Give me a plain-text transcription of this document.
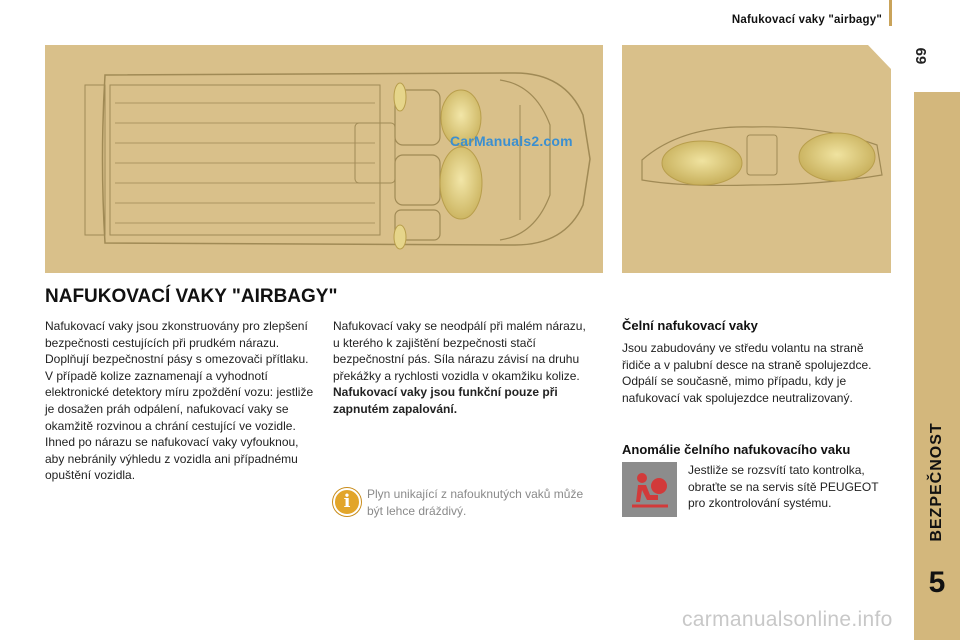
Nafukovací vaky "airbagy"
69
BEZPEČNOST
5
CarManuals2.com
NAFUKOVACÍ VAKY "AIRBAGY"

Nafukovací vaky jsou zkonstruovány pro zlepšení bezpečnosti cestujících při prudkém nárazu. Doplňují bezpečnostní pásy s omezovači přítlaku.

V případě kolize zaznamenají a vyhodnotí elektronické detektory míru zpoždění vozu: jestliže je dosažen práh odpálení, nafukovací vaky se okamžitě rozvinou a chrání cestující ve vozidle. Ihned po nárazu se nafukovací vaky vyfouknou, aby nebránily výhledu z vozidla ani případnému opuštění vozidla.

Nafukovací vaky se neodpálí při malém nárazu, u kterého k zajištění bezpečnosti stačí bezpečnostní pás. Síla nárazu závisí na druhu překážky a rychlosti vozidla v okamžiku kolize.

Nafukovací vaky jsou funkční pouze při zapnutém zapalování.

i	Plyn unikající z nafouknutých vaků může být lehce dráždivý.
Čelní nafukovací vaky
Jsou zabudovány ve středu volantu na straně řidiče a v palubní desce na straně spolujezdce. Odpálí se současně, mimo případu, kdy je nafukovací vak spolujezdce neutralizovaný.
Anomálie čelního nafukovacího vaku
Jestliže se rozsvítí tato kontrolka, obraťte se na servis sítě PEUGEOT pro zkontrolování systému.
carmanualsonline.info
